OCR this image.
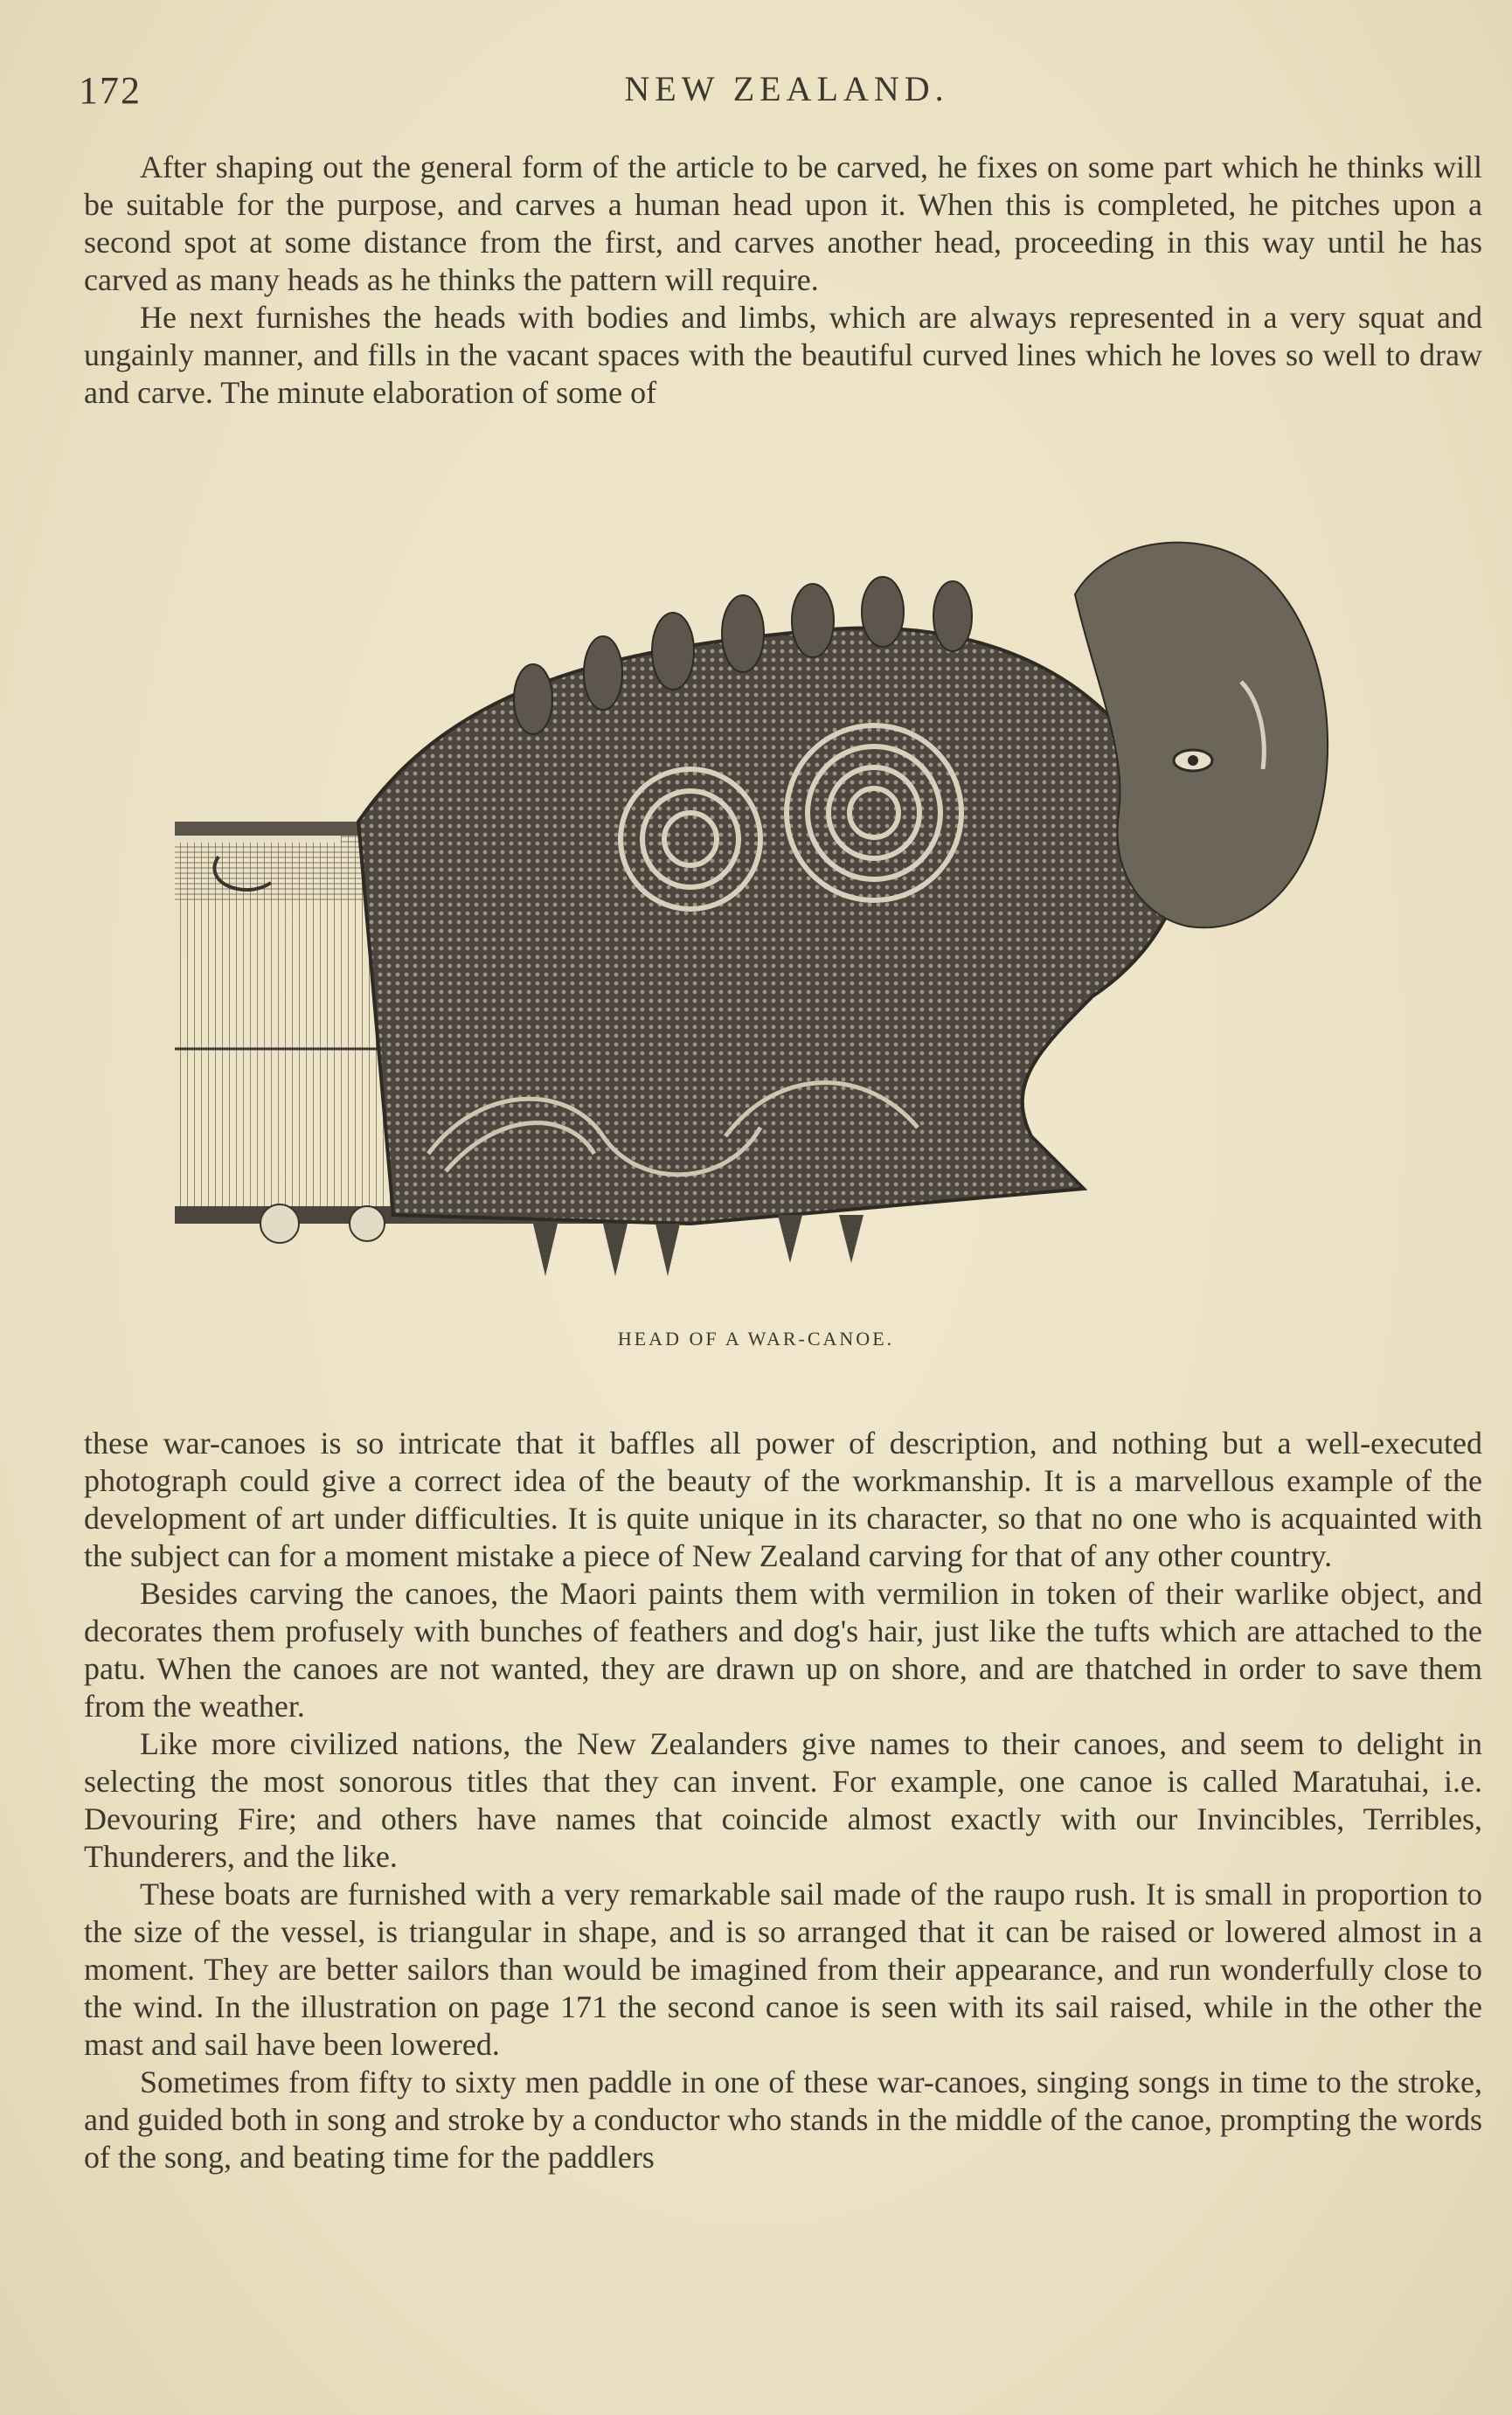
172	NEW ZEALAND.

After shaping out the general form of the article to be carved, he fixes on some part which he thinks will be suitable for the purpose, and carves a human head upon it. When this is completed, he pitches upon a second spot at some distance from the first, and carves another head, proceeding in this way until he has carved as many heads as he thinks the pattern will require.

He next furnishes the heads with bodies and limbs, which are always represented in a very squat and ungainly manner, and fills in the vacant spaces with the beautiful curved lines which he loves so well to draw and carve. The minute elaboration of some of

HEAD OF A WAR-CANOE.

these war-canoes is so intricate that it baffles all power of description, and nothing but a well-executed photograph could give a correct idea of the beauty of the workmanship. It is a marvellous example of the development of art under difficulties. It is quite unique in its character, so that no one who is acquainted with the subject can for a moment mistake a piece of New Zealand carving for that of any other country.

Besides carving the canoes, the Maori paints them with vermilion in token of their warlike object, and decorates them profusely with bunches of feathers and dog's hair, just like the tufts which are attached to the patu. When the canoes are not wanted, they are drawn up on shore, and are thatched in order to save them from the weather.

Like more civilized nations, the New Zealanders give names to their canoes, and seem to delight in selecting the most sonorous titles that they can invent. For example, one canoe is called Maratuhai, i.e. Devouring Fire; and others have names that coincide almost exactly with our Invincibles, Terribles, Thunderers, and the like.

These boats are furnished with a very remarkable sail made of the raupo rush. It is small in proportion to the size of the vessel, is triangular in shape, and is so arranged that it can be raised or lowered almost in a moment. They are better sailors than would be imagined from their appearance, and run wonderfully close to the wind. In the illustration on page 171 the second canoe is seen with its sail raised, while in the other the mast and sail have been lowered.

Sometimes from fifty to sixty men paddle in one of these war-canoes, singing songs in time to the stroke, and guided both in song and stroke by a conductor who stands in the middle of the canoe, prompting the words of the song, and beating time for the paddlers
